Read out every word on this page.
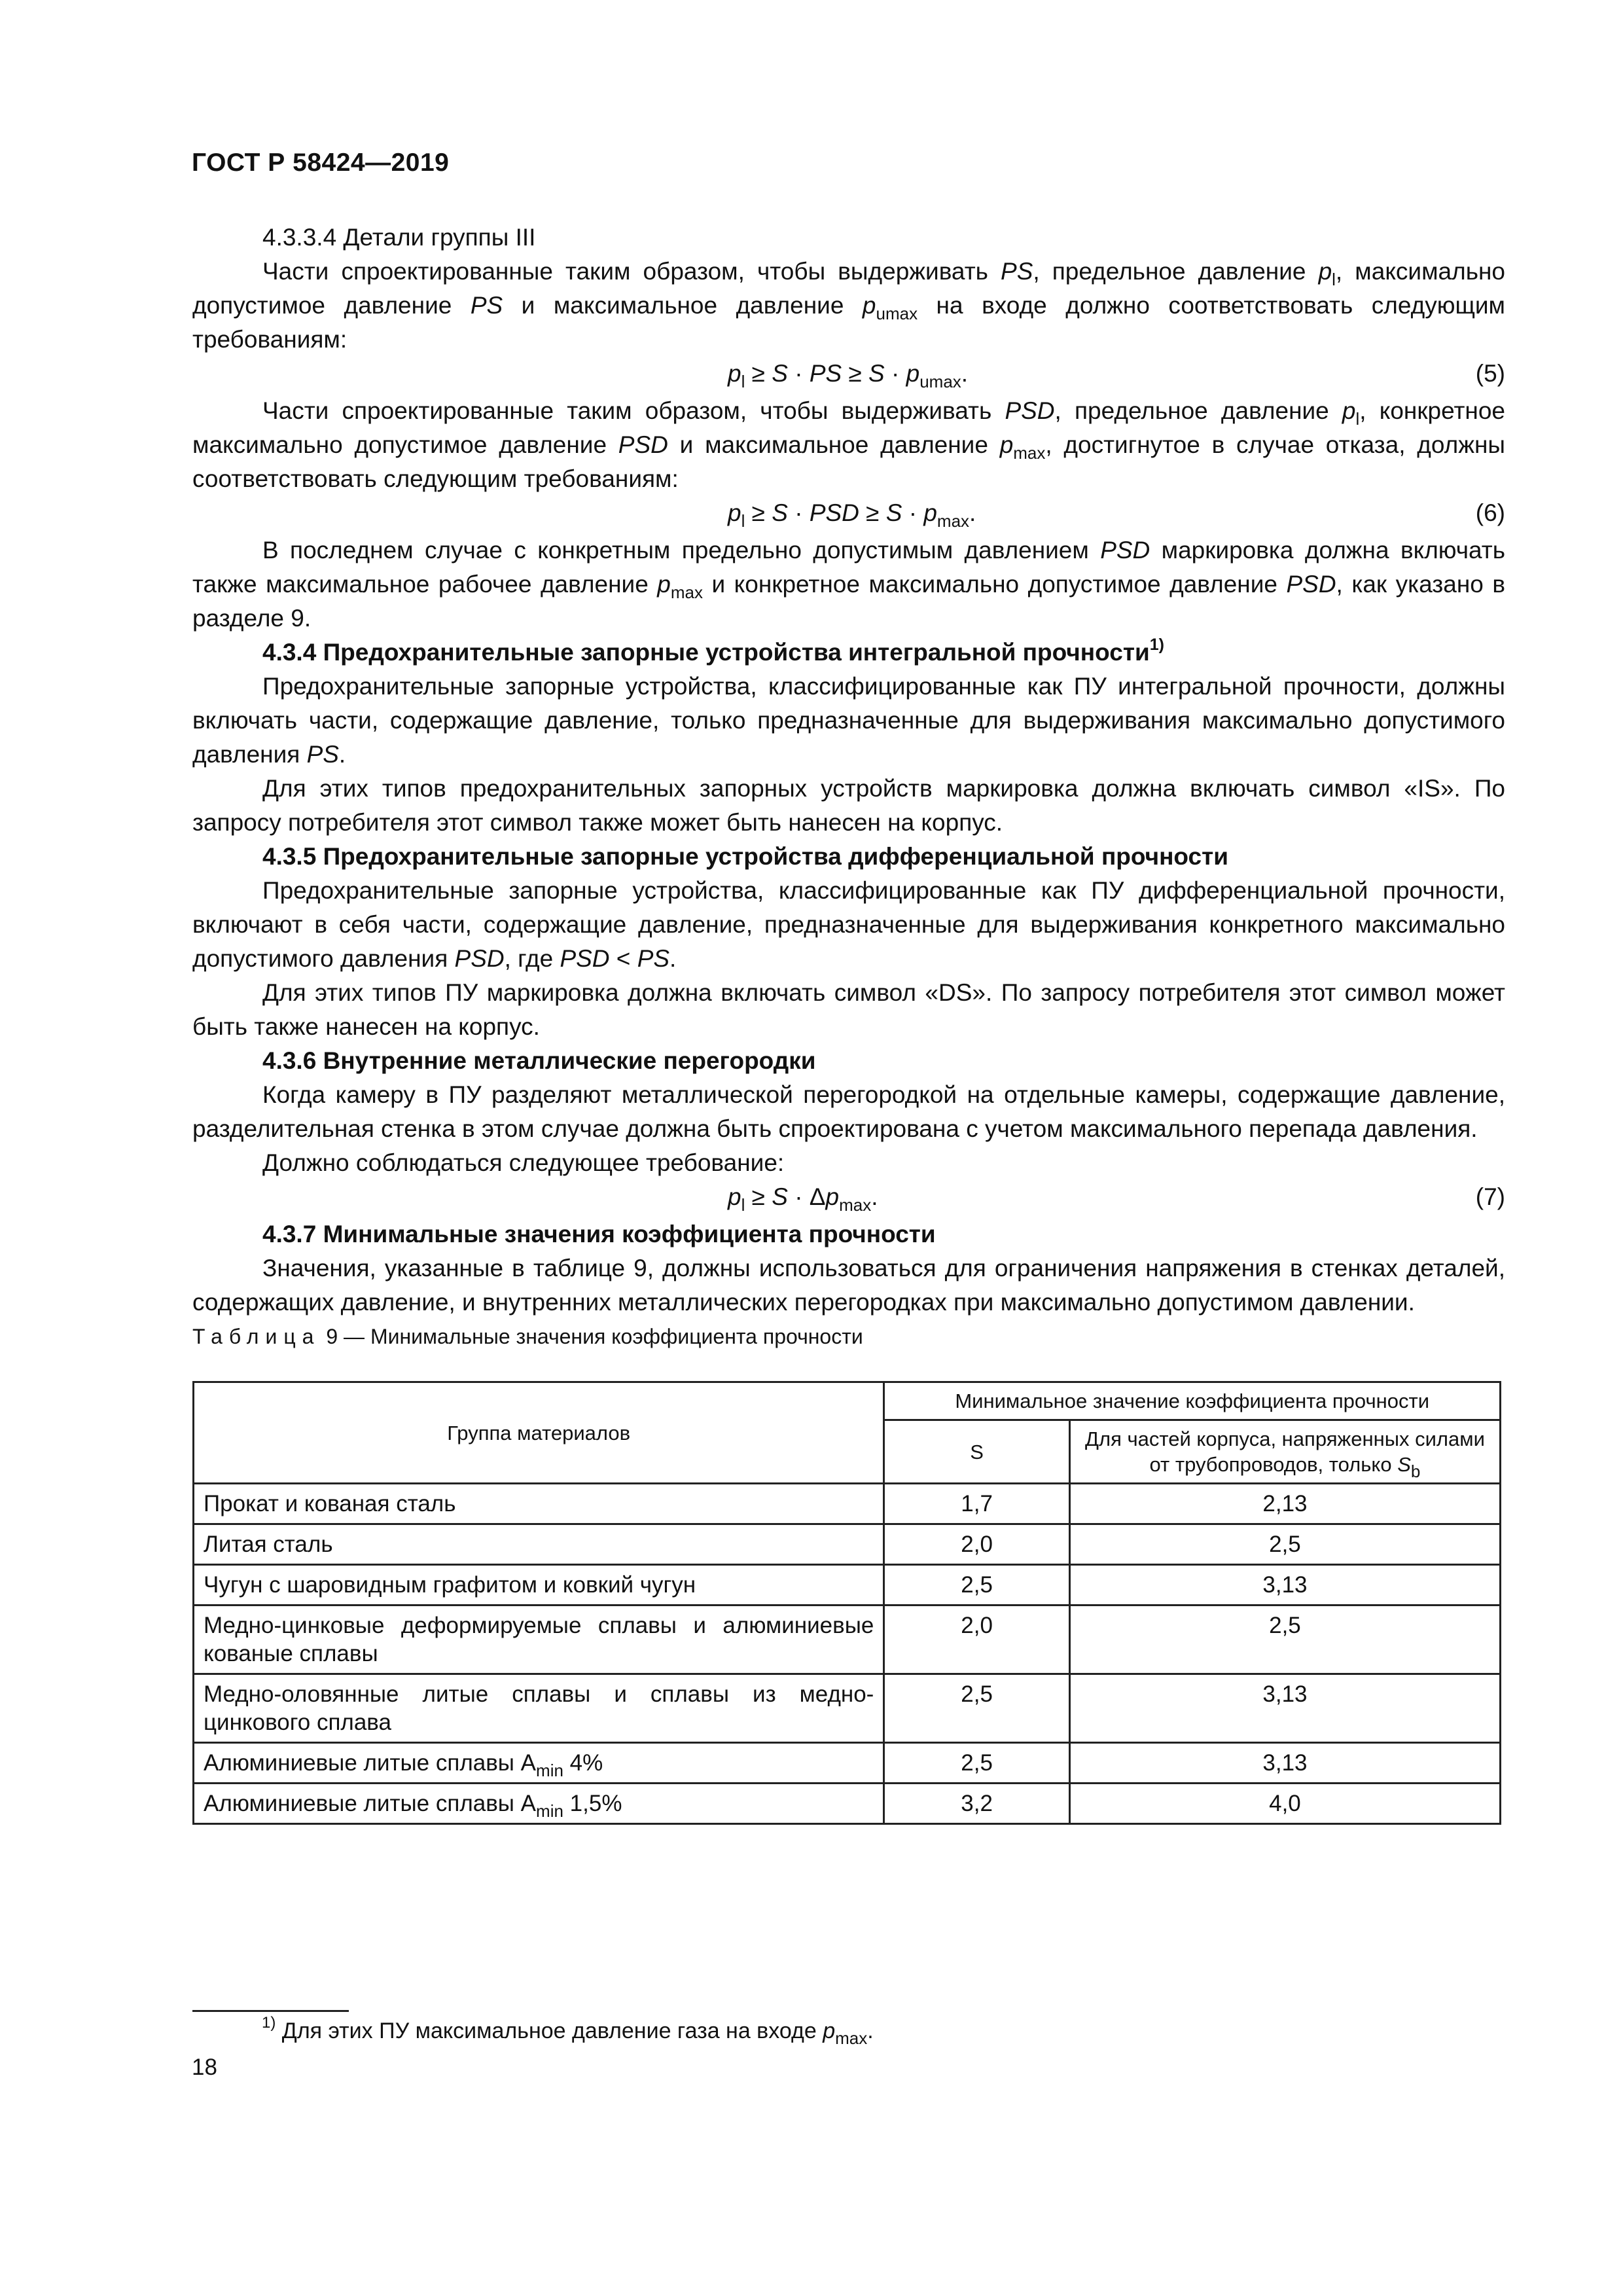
ГОСТ Р 58424—2019

4.3.3.4 Детали группы III

Части спроектированные таким образом, чтобы выдерживать PS, предельное давление $p_l$, максимально допустимое давление PS и максимальное давление $p_{umax}$ на входе должно соответствовать следующим требованиям:

$p_l \ge S$ · PS ≥ $S \cdot p_{umax}$.	(5)

Части спроектированные таким образом, чтобы выдерживать PSD, предельное давление $p_l$, конкретное максимально допустимое давление PSD и максимальное давление $p_{max}$, достигнутое в случае отказа, должны соответствовать следующим требованиям:

$p_l \ge S$ · PSD ≥ $S \cdot p_{max}$.	(6)

В последнем случае с конкретным предельно допустимым давлением PSD маркировка должна включать также максимальное рабочее давление $p_{max}$ и конкретное максимально допустимое давление PSD, как указано в разделе 9.

4.3.4 Предохранительные запорные устройства интегральной прочности$^{1)}$

Предохранительные запорные устройства, классифицированные как ПУ интегральной прочности, должны включать части, содержащие давление, только предназначенные для выдерживания максимально допустимого давления PS.

Для этих типов предохранительных запорных устройств маркировка должна включать символ «IS». По запросу потребителя этот символ также может быть нанесен на корпус.

4.3.5 Предохранительные запорные устройства дифференциальной прочности

Предохранительные запорные устройства, классифицированные как ПУ дифференциальной прочности, включают в себя части, содержащие давление, предназначенные для выдерживания конкретного максимально допустимого давления PSD, где PSD < PS.

Для этих типов ПУ маркировка должна включать символ «DS». По запросу потребителя этот символ может быть также нанесен на корпус.

4.3.6 Внутренние металлические перегородки

Когда камеру в ПУ разделяют металлической перегородкой на отдельные камеры, содержащие давление, разделительная стенка в этом случае должна быть спроектирована с учетом максимального перепада давления.

Должно соблюдаться следующее требование:

$p_l \ge S \cdot \Delta p_{max}$.	(7)

4.3.7 Минимальные значения коэффициента прочности

Значения, указанные в таблице 9, должны использоваться для ограничения напряжения в стенках деталей, содержащих давление, и внутренних металлических перегородках при максимально допустимом давлении.

Таблица 9 — Минимальные значения коэффициента прочности

Группа материалов	Минимальное значение коэффициента прочности	
	S	Для частей корпуса, напряженных силами от трубопроводов, только $S_b$
Прокат и кованая сталь	1,7	2,13
Литая сталь	2,0	2,5
Чугун с шаровидным графитом и ковкий чугун	2,5	3,13
Медно-цинковые деформируемые сплавы и алюминиевые кованые сплавы	2,0	2,5
Медно-оловянные литые сплавы и сплавы из медно-цинкового сплава	2,5	3,13
Алюминиевые литые сплавы $A_{min}$ 4%	2,5	3,13
Алюминиевые литые сплавы $A_{min}$ 1,5%	3,2	4,0
$^{1)}$ Для этих ПУ максимальное давление газа на входе $p_{max}$.
18
